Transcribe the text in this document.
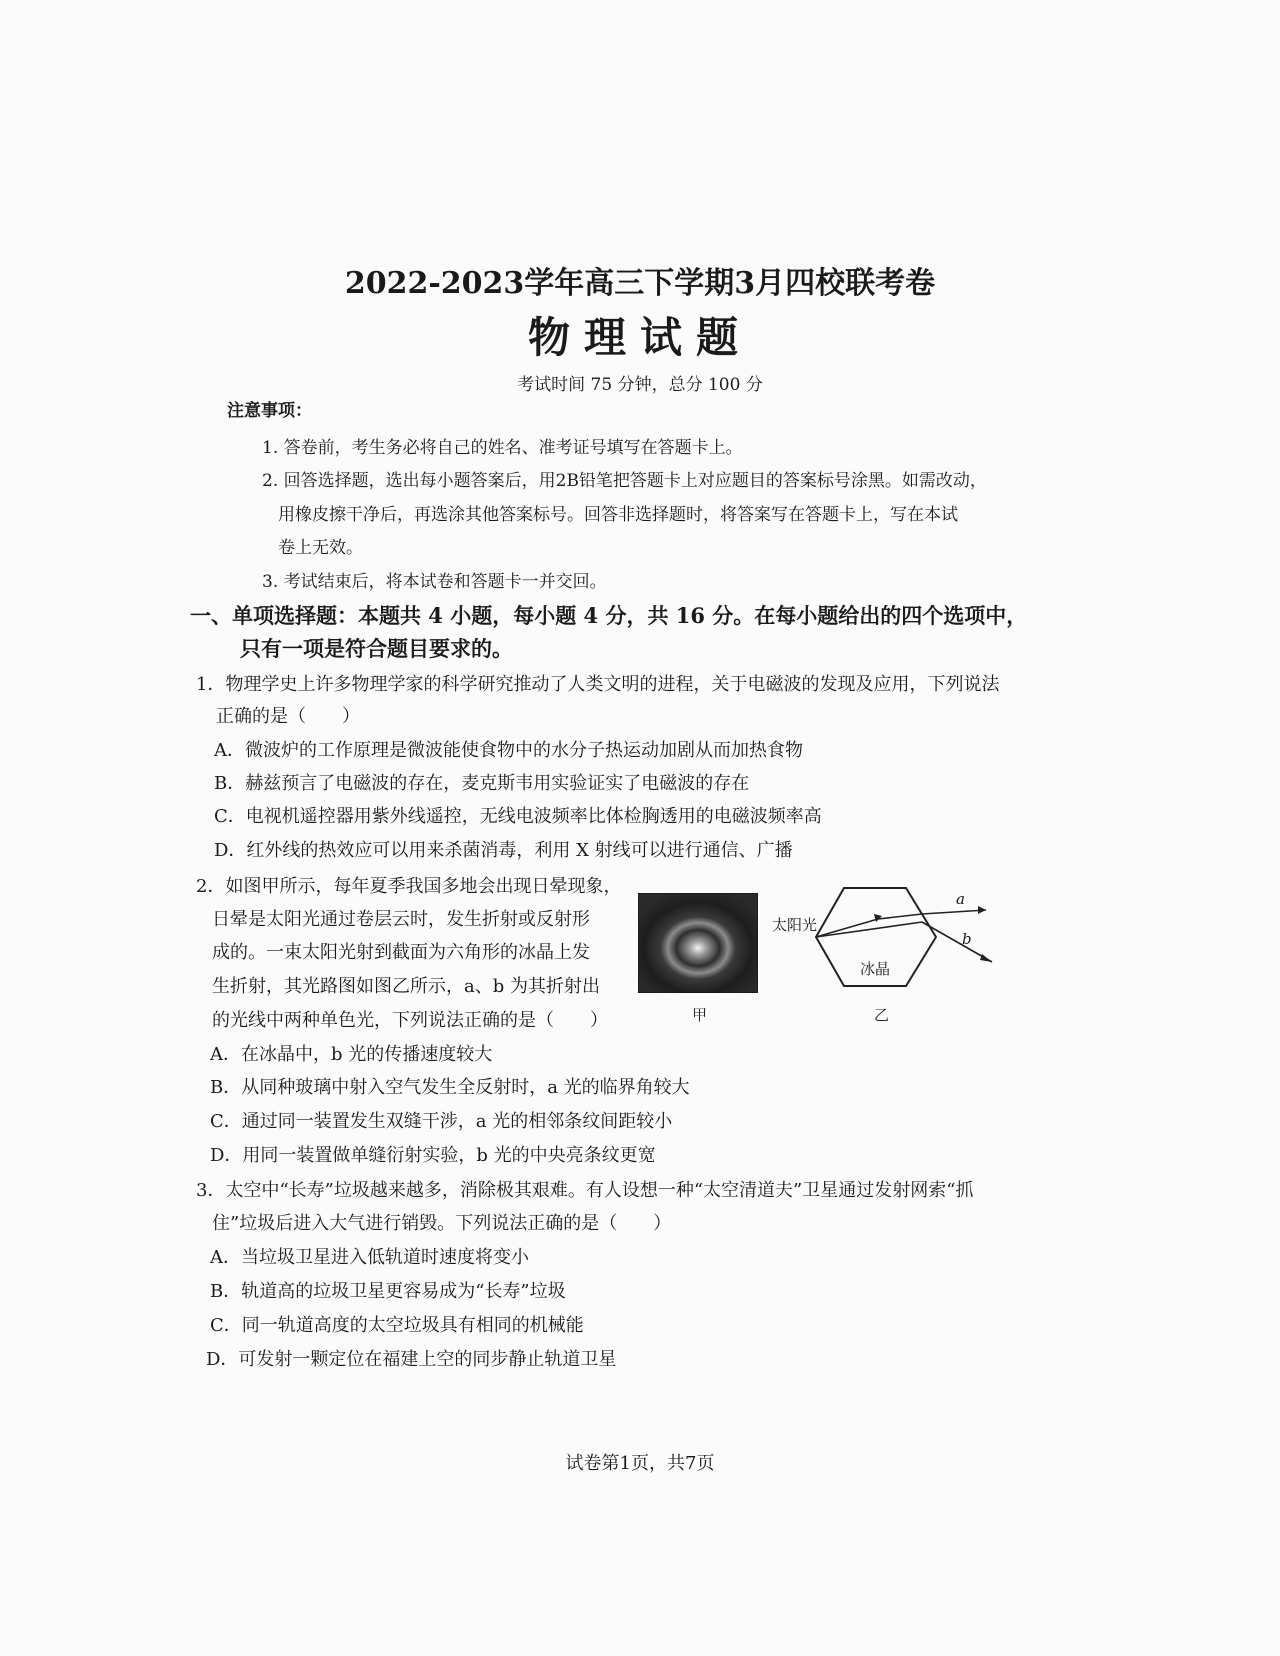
2022-2023学年高三下学期3月四校联考卷
物理试题
考试时间 75 分钟，总分 100 分
注意事项：
1. 答卷前，考生务必将自己的姓名、准考证号填写在答题卡上。
2. 回答选择题，选出每小题答案后，用2B铅笔把答题卡上对应题目的答案标号涂黑。如需改动，
用橡皮擦干净后，再选涂其他答案标号。回答非选择题时，将答案写在答题卡上，写在本试
卷上无效。
3. 考试结束后，将本试卷和答题卡一并交回。
一、单项选择题：本题共 4 小题，每小题 4 分，共 16 分。在每小题给出的四个选项中，
只有一项是符合题目要求的。
1．物理学史上许多物理学家的科学研究推动了人类文明的进程，关于电磁波的发现及应用，下列说法
正确的是（　　）
A．微波炉的工作原理是微波能使食物中的水分子热运动加剧从而加热食物
B．赫兹预言了电磁波的存在，麦克斯韦用实验证实了电磁波的存在
C．电视机遥控器用紫外线遥控，无线电波频率比体检胸透用的电磁波频率高
D．红外线的热效应可以用来杀菌消毒，利用 X 射线可以进行通信、广播
2．如图甲所示，每年夏季我国多地会出现日晕现象，
日晕是太阳光通过卷层云时，发生折射或反射形
成的。一束太阳光射到截面为六角形的冰晶上发
生折射，其光路图如图乙所示，a、b 为其折射出
的光线中两种单色光，下列说法正确的是（　　）	甲
太阳光
冰晶
a
b
乙
A．在冰晶中，b 光的传播速度较大
B．从同种玻璃中射入空气发生全反射时，a 光的临界角较大
C．通过同一装置发生双缝干涉，a 光的相邻条纹间距较小
D．用同一装置做单缝衍射实验，b 光的中央亮条纹更宽
3．太空中“长寿”垃圾越来越多，消除极其艰难。有人设想一种“太空清道夫”卫星通过发射网索“抓
住”垃圾后进入大气进行销毁。下列说法正确的是（　　）
A．当垃圾卫星进入低轨道时速度将变小
B．轨道高的垃圾卫星更容易成为“长寿”垃圾
C．同一轨道高度的太空垃圾具有相同的机械能
D．可发射一颗定位在福建上空的同步静止轨道卫星
试卷第1页，共7页
